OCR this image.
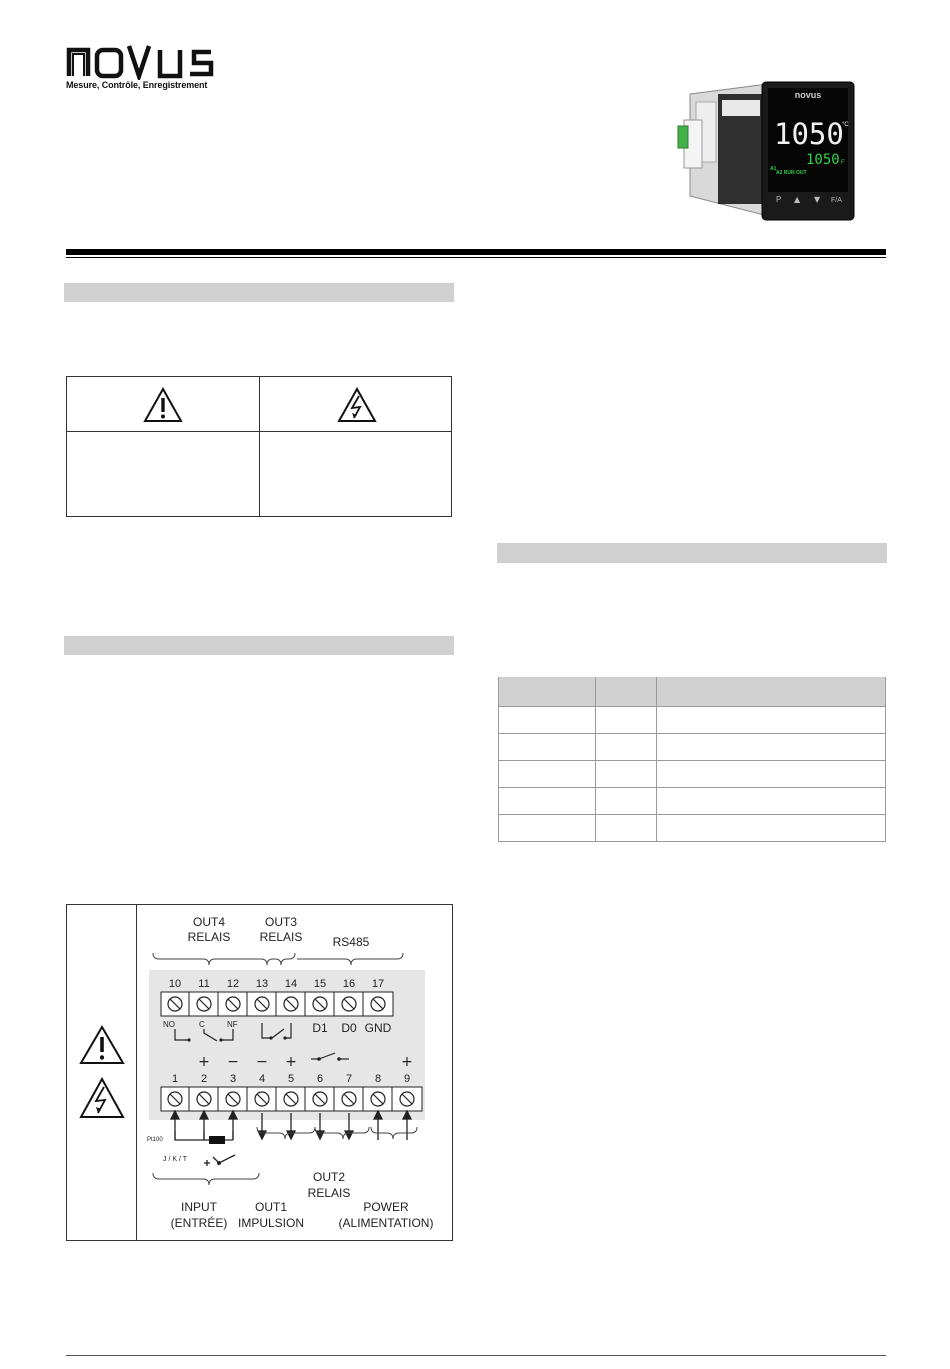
Mesure, Contrôle, Enregistrement
novus
1050
°C
1050 F
A1
A2 RUN OUT
P ▲ ▼ F/A

OUT4
RELAIS
OUT3
RELAIS	RS485
10 11 12 13 14 15 16 17
NO	C	NF	D1 D0 GND
+ − − +	+
1 2 3 4 5 6 7 8 9
Pt100
J / K / T
INPUT
(ENTRÉE)
OUT1
IMPULSION
OUT2
RELAIS
POWER
(ALIMENTATION)
